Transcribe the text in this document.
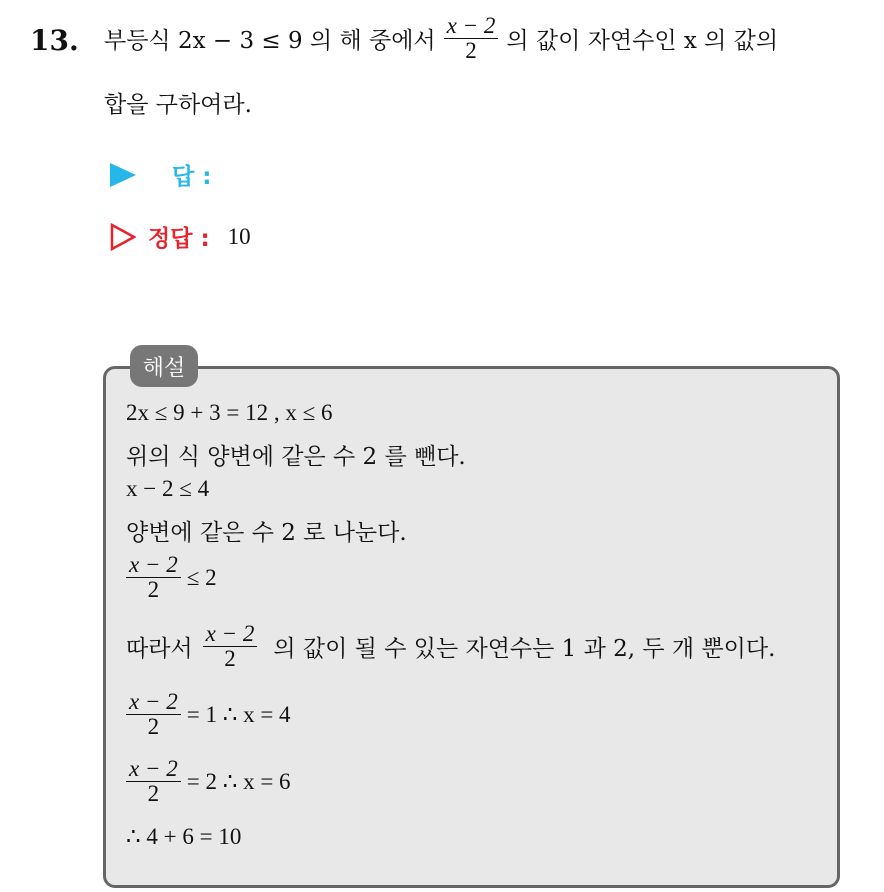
13. 부등식 2x − 3 ≤ 9 의 해 중에서 $\frac{x - 2}{2}$ 의 값이 자연수인 x 의 값의
합을 구하여라.
답 :
정답 : 10
해설
2x ≤ 9 + 3 = 12 , x ≤ 6
위의 식 양변에 같은 수 2 를 뺀다.
x − 2 ≤ 4
양변에 같은 수 2 로 나눈다.
$\frac{x - 2}{2} \le 2$
따라서 $\frac{x - 2}{2}$ 의 값이 될 수 있는 자연수는 1 과 2, 두 개 뿐이다.
$\frac{x - 2}{2} = 1$ ∴ x = 4
$\frac{x - 2}{2} = 2$ ∴ x = 6
∴ 4 + 6 = 10
